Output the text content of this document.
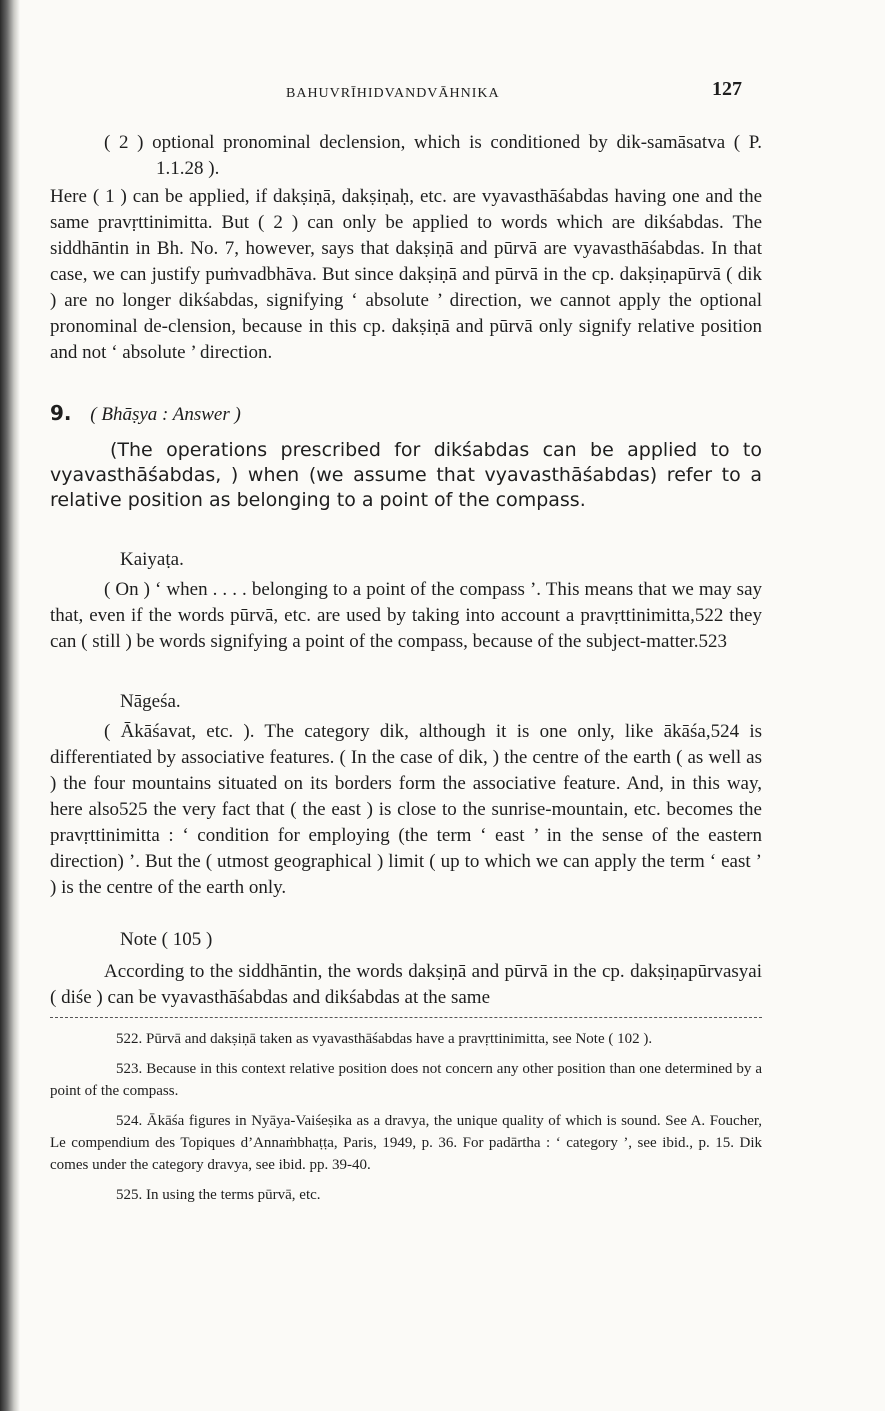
BAHUVRĪHIDVANDVĀHNIKA	127

( 2 ) optional pronominal declension, which is conditioned by dik-samāsatva ( P. 1.1.28 ).

Here ( 1 ) can be applied, if dakṣiṇā, dakṣiṇaḥ, etc. are vyavasthāśabdas having one and the same pravṛttinimitta. But ( 2 ) can only be applied to words which are dikśabdas. The siddhāntin in Bh. No. 7, however, says that dakṣiṇā and pūrvā are vyavasthāśabdas. In that case, we can justify puṁvadbhāva. But since dakṣiṇā and pūrvā in the cp. dakṣiṇapūrvā ( dik ) are no longer dikśabdas, signifying ‘ absolute ’ direction, we cannot apply the optional pronominal de-clension, because in this cp. dakṣiṇā and pūrvā only signify relative position and not ‘ absolute ’ direction.

9. ( Bhāṣya : Answer )

(The operations prescribed for dikśabdas can be applied to to vyavasthāśabdas, ) when (we assume that vyavasthāśabdas) refer to a relative position as belonging to a point of the compass.

Kaiyaṭa.

( On ) ‘ when . . . . belonging to a point of the compass ’. This means that we may say that, even if the words pūrvā, etc. are used by taking into account a pravṛttinimitta,522 they can ( still ) be words signifying a point of the compass, because of the subject-matter.523

Nāgeśa.

( Ākāśavat, etc. ). The category dik, although it is one only, like ākāśa,524 is differentiated by associative features. ( In the case of dik, ) the centre of the earth ( as well as ) the four mountains situated on its borders form the associative feature. And, in this way, here also525 the very fact that ( the east ) is close to the sunrise-mountain, etc. becomes the pravṛttinimitta : ‘ condition for employing (the term ‘ east ’ in the sense of the eastern direction) ’. But the ( utmost geographical ) limit ( up to which we can apply the term ‘ east ’ ) is the centre of the earth only.

Note ( 105 )

According to the siddhāntin, the words dakṣiṇā and pūrvā in the cp. dakṣiṇapūrvasyai ( diśe ) can be vyavasthāśabdas and dikśabdas at the same

522. Pūrvā and dakṣiṇā taken as vyavasthāśabdas have a pravṛttinimitta, see Note ( 102 ).

523. Because in this context relative position does not concern any other position than one determined by a point of the compass.

524. Ākāśa figures in Nyāya-Vaiśeṣika as a dravya, the unique quality of which is sound. See A. Foucher, Le compendium des Topiques d’Annaṁbhaṭṭa, Paris, 1949, p. 36. For padārtha : ‘ category ’, see ibid., p. 15. Dik comes under the category dravya, see ibid. pp. 39-40.

525. In using the terms pūrvā, etc.
